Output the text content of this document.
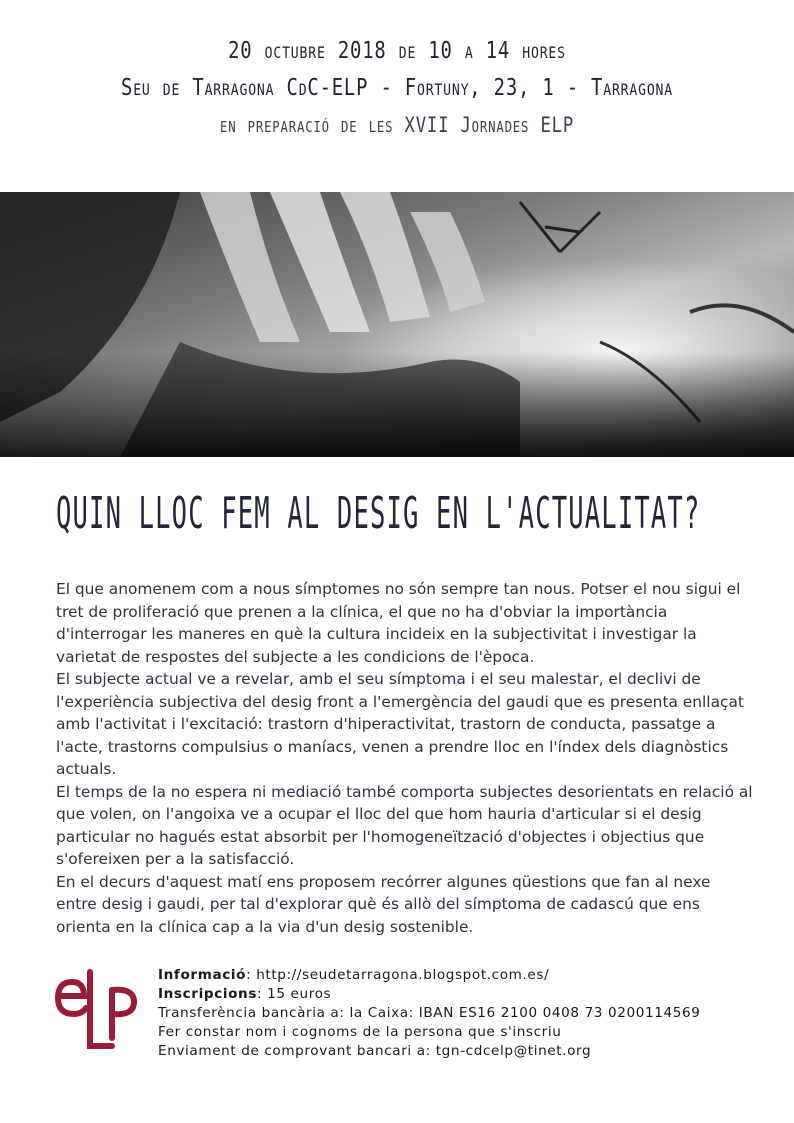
20 octubre 2018 de 10 a 14 hores
Seu de Tarragona CdC-ELP - Fortuny, 23, 1 - Tarragona
en preparació de les XVII Jornades ELP
QUIN LLOC FEM AL DESIG EN L'ACTUALITAT?

El que anomenem com a nous símptomes no són sempre tan nous. Potser el nou sigui el tret de proliferació que prenen a la clínica, el que no ha d'obviar la importància d'interrogar les maneres en què la cultura incideix en la subjectivitat i investigar la varietat de respostes del subjecte a les condicions de l'època.

El subjecte actual ve a revelar, amb el seu símptoma i el seu malestar, el declivi de l'experiència subjectiva del desig front a l'emergència del gaudi que es presenta enllaçat amb l'activitat i l'excitació: trastorn d'hiperactivitat, trastorn de conducta, passatge a l'acte, trastorns compulsius o maníacs, venen a prendre lloc en l'índex dels diagnòstics actuals.

El temps de la no espera ni mediació també comporta subjectes desorientats en relació al que volen, on l'angoixa ve a ocupar el lloc del que hom hauria d'articular si el desig particular no hagués estat absorbit per l'homogeneïtzació d'objectes i objectius que s'ofereixen per a la satisfacció.

En el decurs d'aquest matí ens proposem recórrer algunes qüestions que fan al nexe entre desig i gaudi, per tal d'explorar què és allò del símptoma de cadascú que ens orienta en la clínica cap a la via d'un desig sostenible.

Informació: http://seudetarragona.blogspot.com.es/
Inscripcions: 15 euros
Transferència bancària a: la Caixa: IBAN ES16 2100 0408 73 0200114569
Fer constar nom i cognoms de la persona que s'inscriu
Enviament de comprovant bancari a: tgn-cdcelp@tinet.org
